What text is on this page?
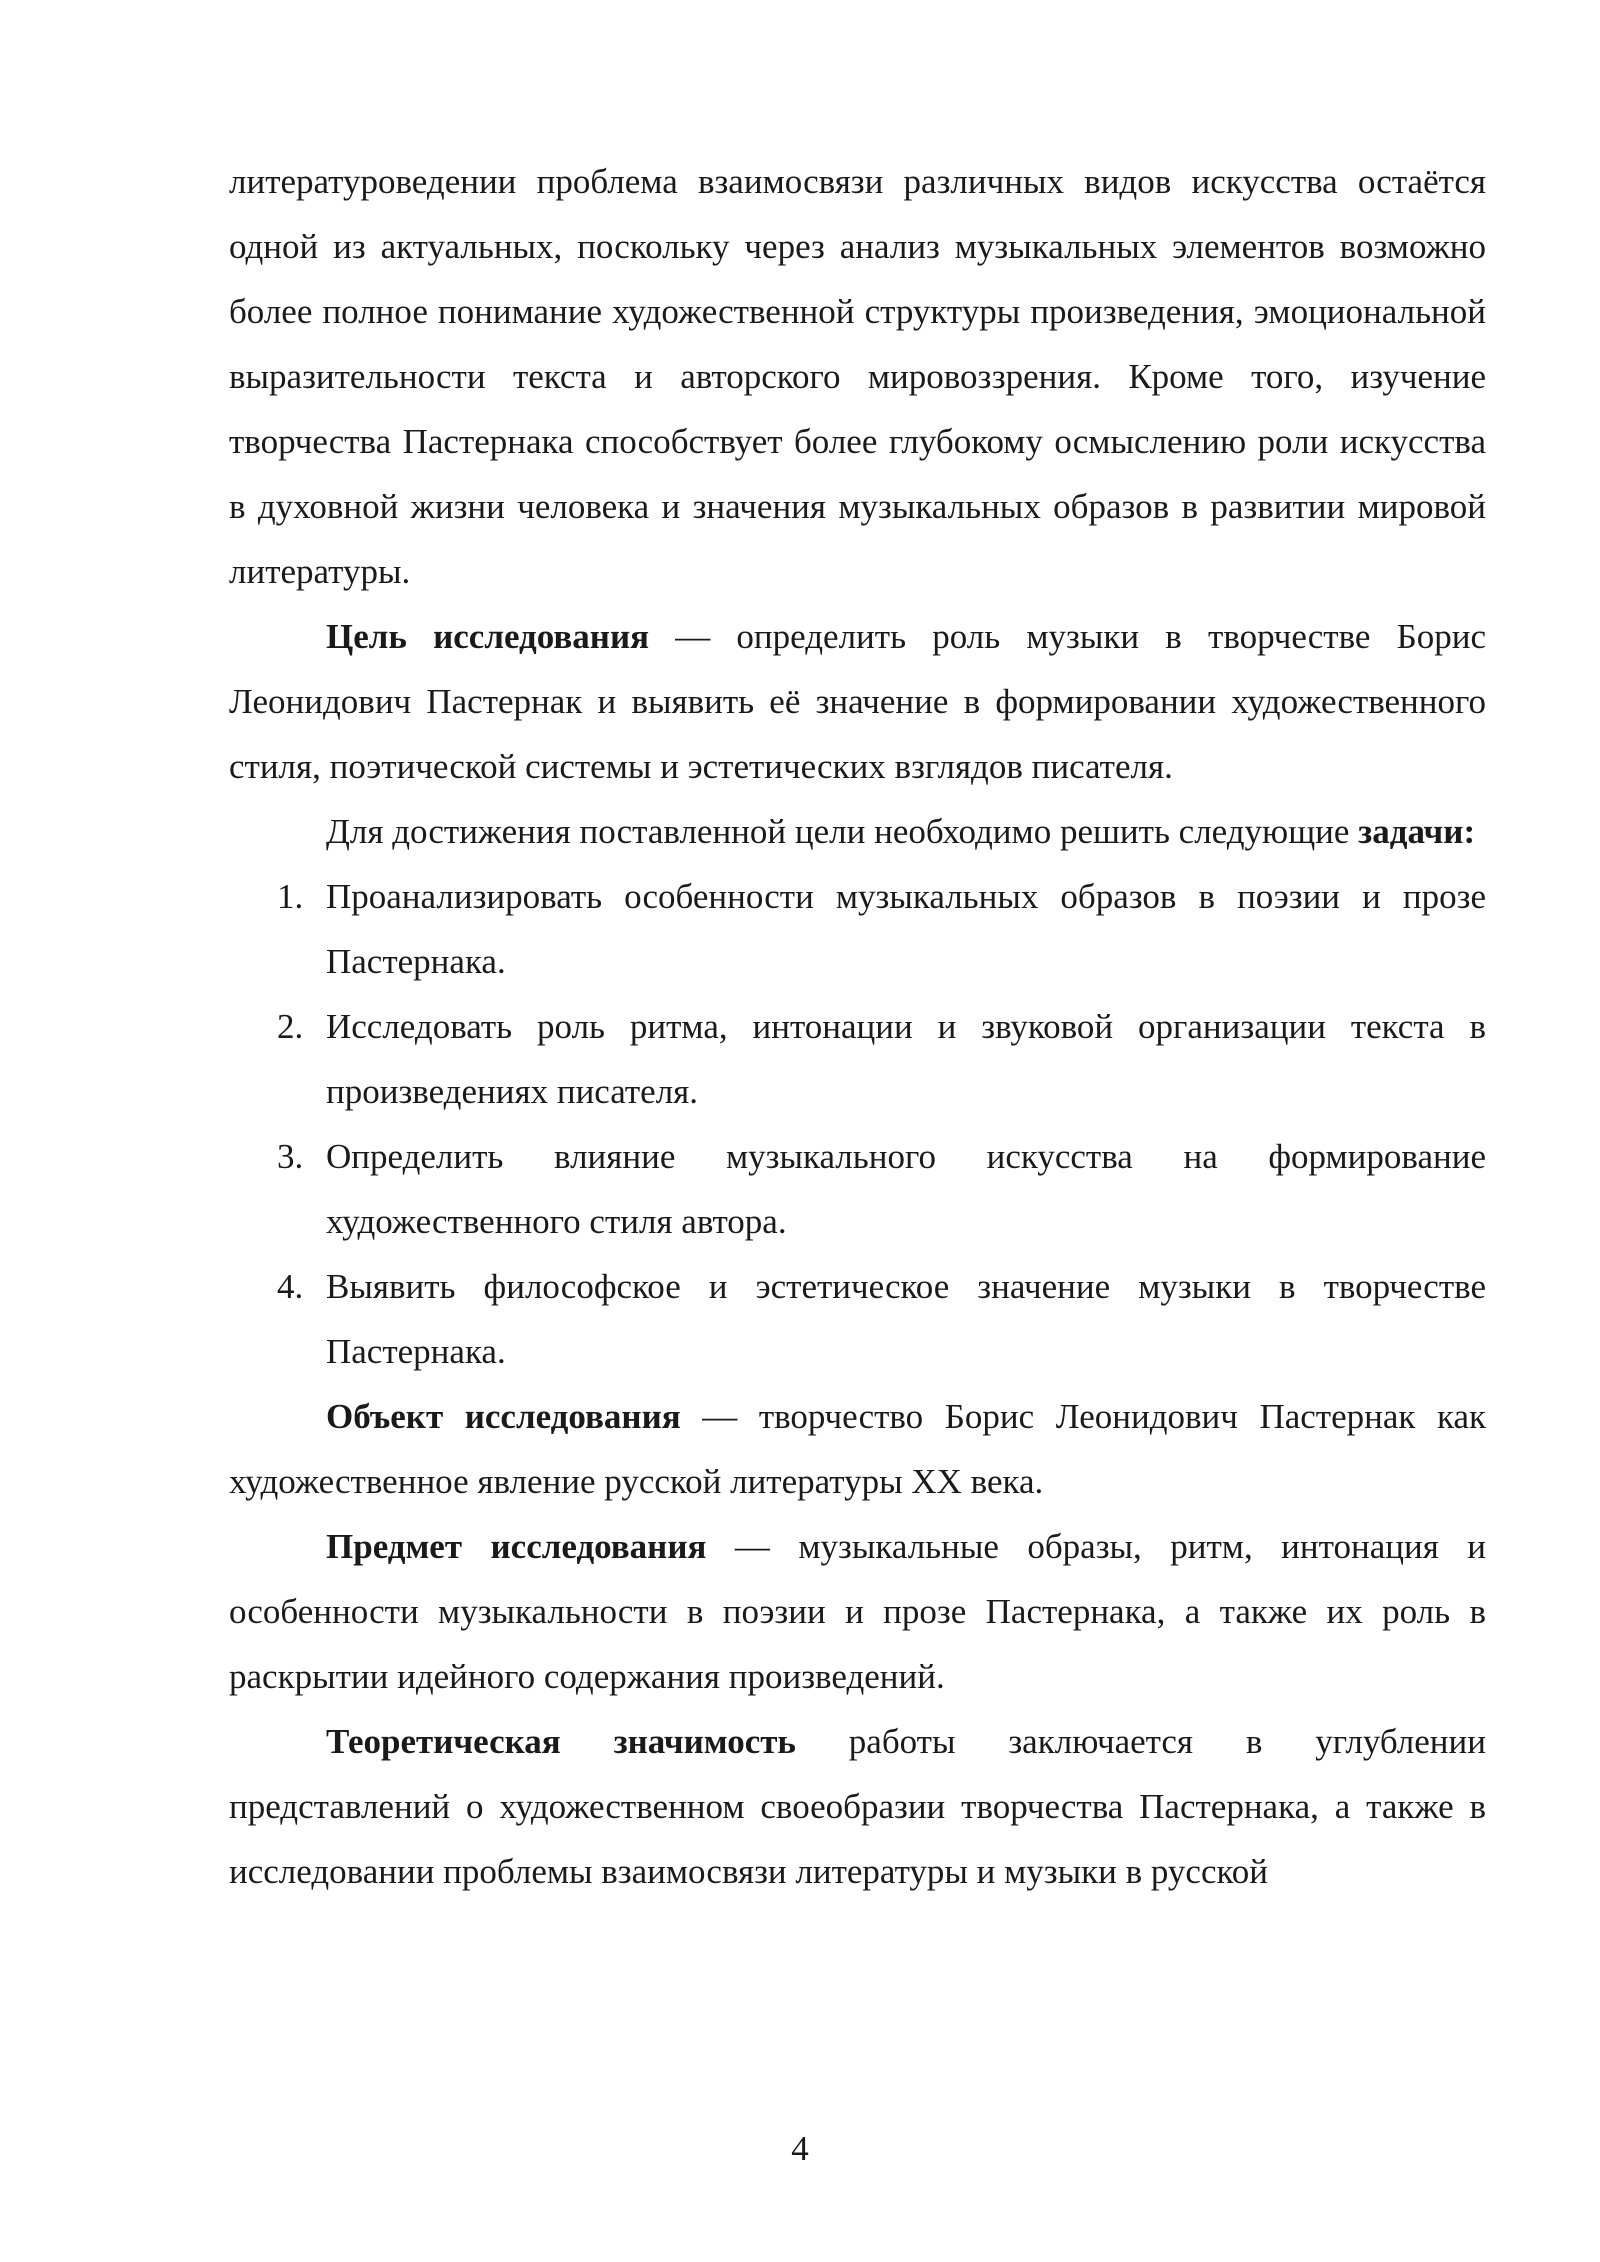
литературоведении проблема взаимосвязи различных видов искусства остаётся одной из актуальных, поскольку через анализ музыкальных элементов возможно более полное понимание художественной структуры произведения, эмоциональной выразительности текста и авторского мировоззрения. Кроме того, изучение творчества Пастернака способствует более глубокому осмыслению роли искусства в духовной жизни человека и значения музыкальных образов в развитии мировой литературы.

Цель исследования — определить роль музыки в творчестве Борис Леонидович Пастернак и выявить её значение в формировании художественного стиля, поэтической системы и эстетических взглядов писателя.

Для достижения поставленной цели необходимо решить следующие задачи:

1. Проанализировать особенности музыкальных образов в поэзии и прозе Пастернака.
2. Исследовать роль ритма, интонации и звуковой организации текста в произведениях писателя.
3. Определить влияние музыкального искусства на формирование художественного стиля автора.
4. Выявить философское и эстетическое значение музыки в творчестве Пастернака.

Объект исследования — творчество Борис Леонидович Пастернак как художественное явление русской литературы XX века.

Предмет исследования — музыкальные образы, ритм, интонация и особенности музыкальности в поэзии и прозе Пастернака, а также их роль в раскрытии идейного содержания произведений.

Теоретическая значимость работы заключается в углублении представлений о художественном своеобразии творчества Пастернака, а также в исследовании проблемы взаимосвязи литературы и музыки в русской

4
